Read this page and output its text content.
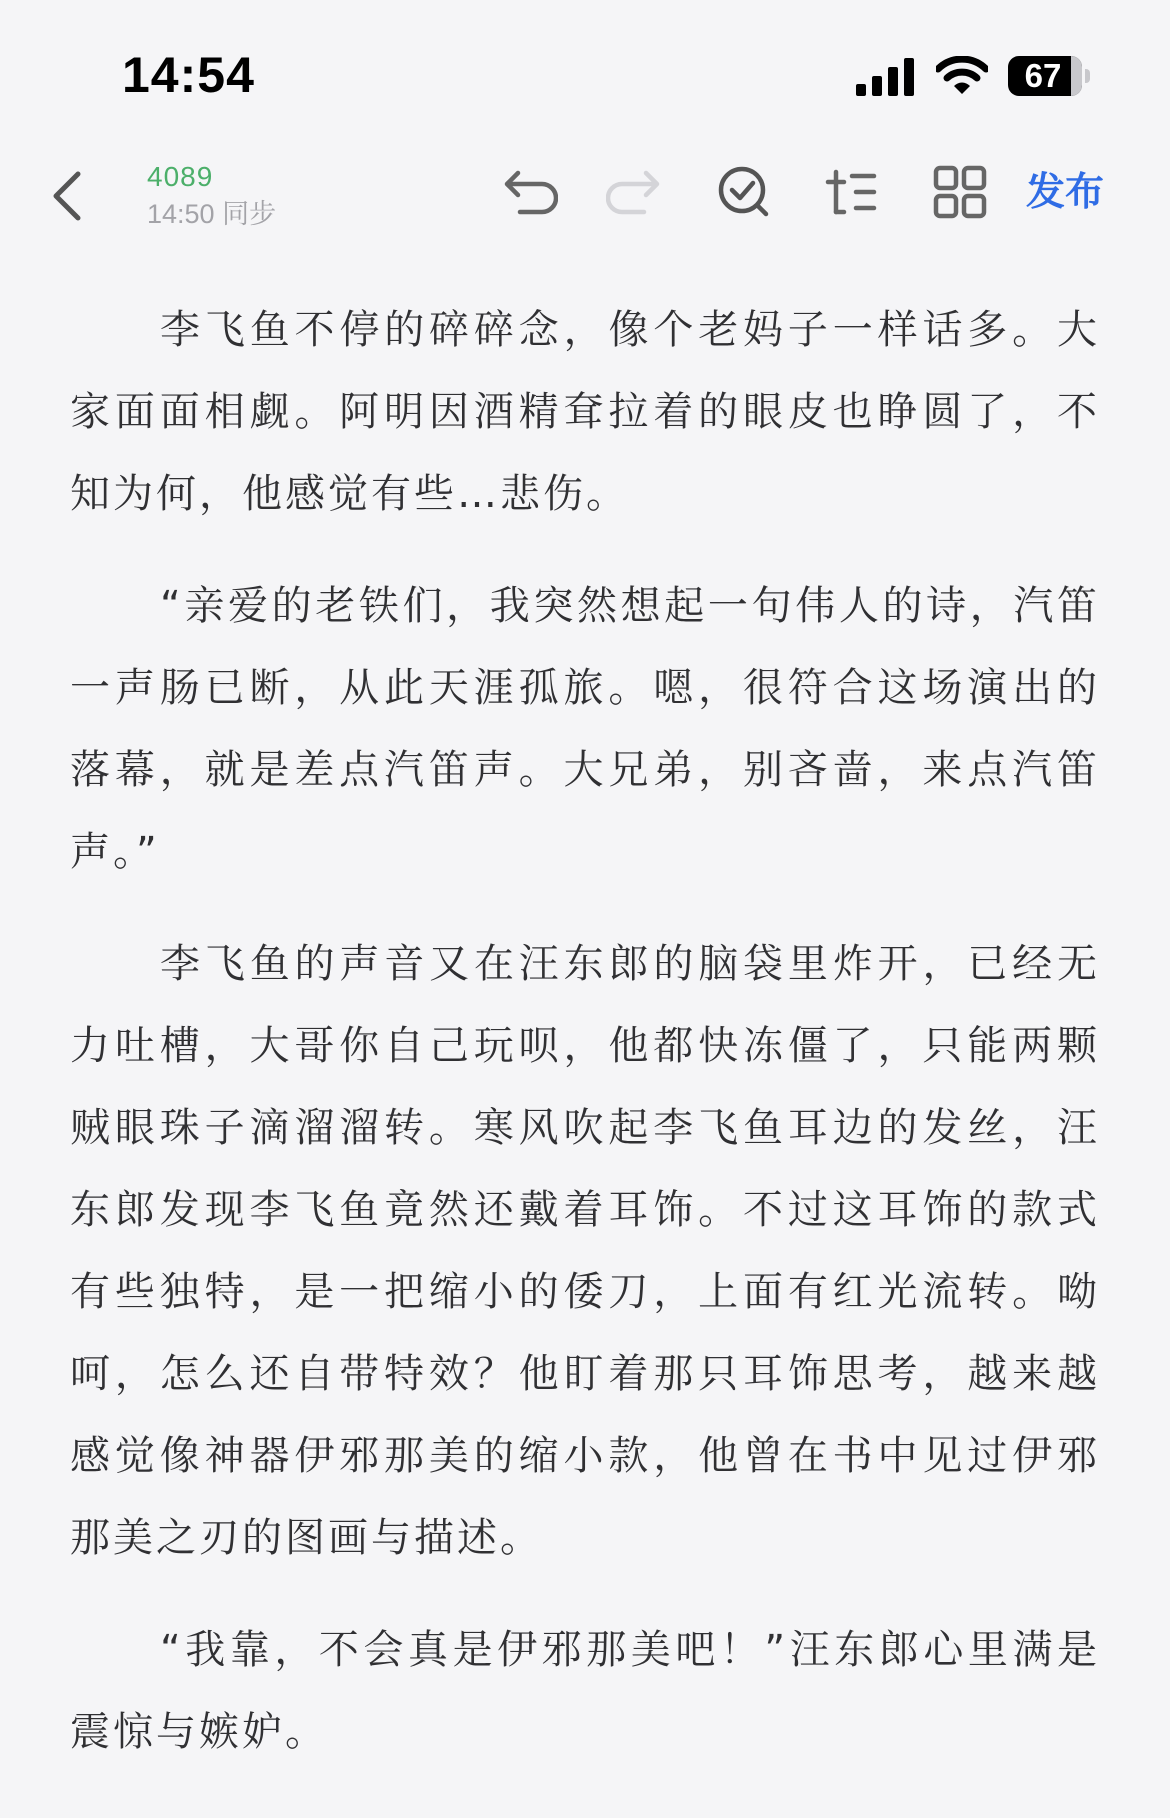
14:54	67
4089
14:50 同步	发布

李飞鱼不停的碎碎念，像个老妈子一样话多。大家面面相觑。阿明因酒精耷拉着的眼皮也睁圆了，不知为何，他感觉有些…悲伤。

“亲爱的老铁们，我突然想起一句伟人的诗，汽笛一声肠已断，从此天涯孤旅。嗯，很符合这场演出的落幕，就是差点汽笛声。大兄弟，别吝啬，来点汽笛声。”

李飞鱼的声音又在汪东郎的脑袋里炸开，已经无力吐槽，大哥你自己玩呗，他都快冻僵了，只能两颗贼眼珠子滴溜溜转。寒风吹起李飞鱼耳边的发丝，汪东郎发现李飞鱼竟然还戴着耳饰。不过这耳饰的款式有些独特，是一把缩小的倭刀，上面有红光流转。呦呵，怎么还自带特效？他盯着那只耳饰思考，越来越感觉像神器伊邪那美的缩小款，他曾在书中见过伊邪那美之刃的图画与描述。

“我靠，不会真是伊邪那美吧！”汪东郎心里满是震惊与嫉妒。
